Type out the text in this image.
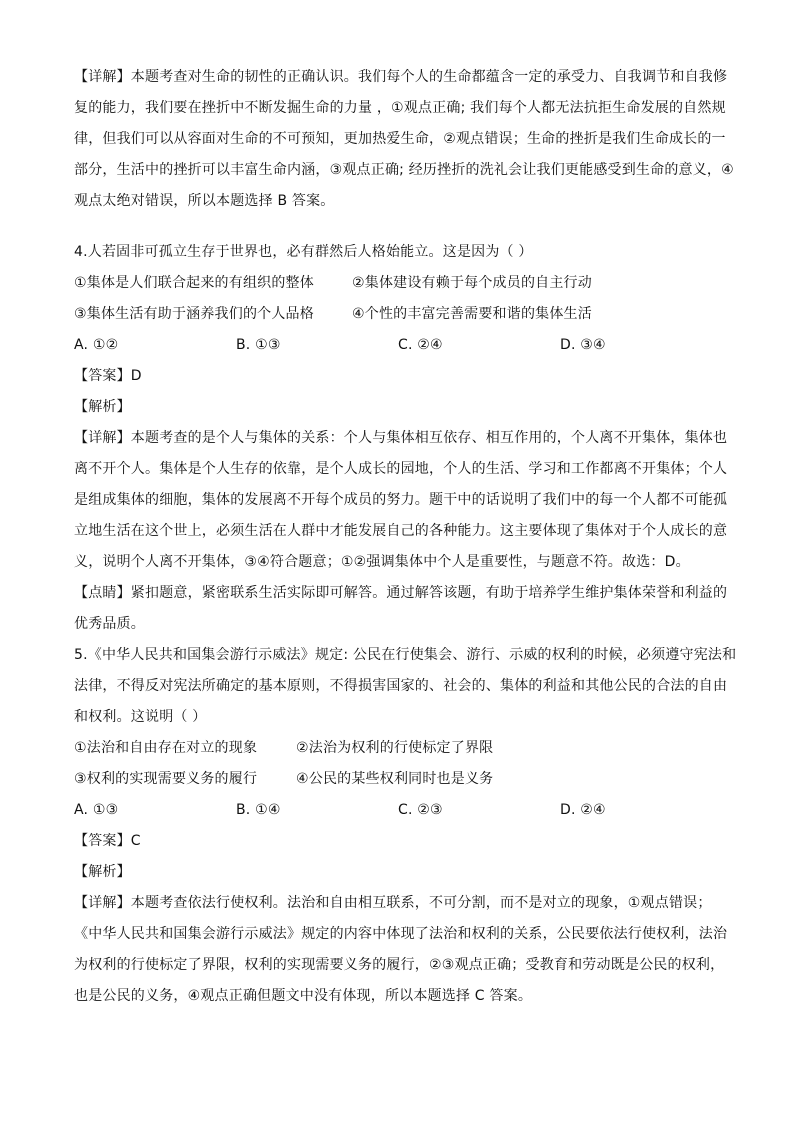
【详解】本题考查对生命的韧性的正确认识。我们每个人的生命都蕴含一定的承受力、自我调节和自我修
复的能力，我们要在挫折中不断发掘生命的力量 ，①观点正确; 我们每个人都无法抗拒生命发展的自然规
律，但我们可以从容面对生命的不可预知，更加热爱生命，②观点错误；生命的挫折是我们生命成长的一
部分，生活中的挫折可以丰富生命内涵，③观点正确; 经历挫折的洗礼会让我们更能感受到生命的意义，④
观点太绝对错误，所以本题选择 B 答案。
4.人若固非可孤立生存于世界也，必有群然后人格始能立。这是因为（ ）
①集体是人们联合起来的有组织的整体	②集体建设有赖于每个成员的自主行动
③集体生活有助于涵养我们的个人品格	④个性的丰富完善需要和谐的集体生活
A. ①②	B. ①③	C. ②④	D. ③④
【答案】D
【解析】
【详解】本题考查的是个人与集体的关系：个人与集体相互依存、相互作用的，个人离不开集体，集体也
离不开个人。集体是个人生存的依靠，是个人成长的园地，个人的生活、学习和工作都离不开集体；个人
是组成集体的细胞，集体的发展离不开每个成员的努力。题干中的话说明了我们中的每一个人都不可能孤
立地生活在这个世上，必须生活在人群中才能发展自己的各种能力。这主要体现了集体对于个人成长的意
义，说明个人离不开集体，③④符合题意；①②强调集体中个人是重要性，与题意不符。故选：D。
【点睛】紧扣题意，紧密联系生活实际即可解答。通过解答该题，有助于培养学生维护集体荣誉和利益的
优秀品质。
5.《中华人民共和国集会游行示威法》规定: 公民在行使集会、游行、示威的权利的时候，必须遵守宪法和
法律，不得反对宪法所确定的基本原则，不得损害国家的、社会的、集体的利益和其他公民的合法的自由
和权利。这说明（ ）
①法治和自由存在对立的现象	②法治为权利的行使标定了界限
③权利的实现需要义务的履行	④公民的某些权利同时也是义务
A. ①③	B. ①④	C. ②③	D. ②④
【答案】C
【解析】
【详解】本题考查依法行使权利。法治和自由相互联系，不可分割，而不是对立的现象，①观点错误；
《中华人民共和国集会游行示威法》规定的内容中体现了法治和权利的关系，公民要依法行使权利，法治
为权利的行使标定了界限，权利的实现需要义务的履行，②③观点正确；受教育和劳动既是公民的权利，
也是公民的义务，④观点正确但题文中没有体现，所以本题选择 C 答案。
